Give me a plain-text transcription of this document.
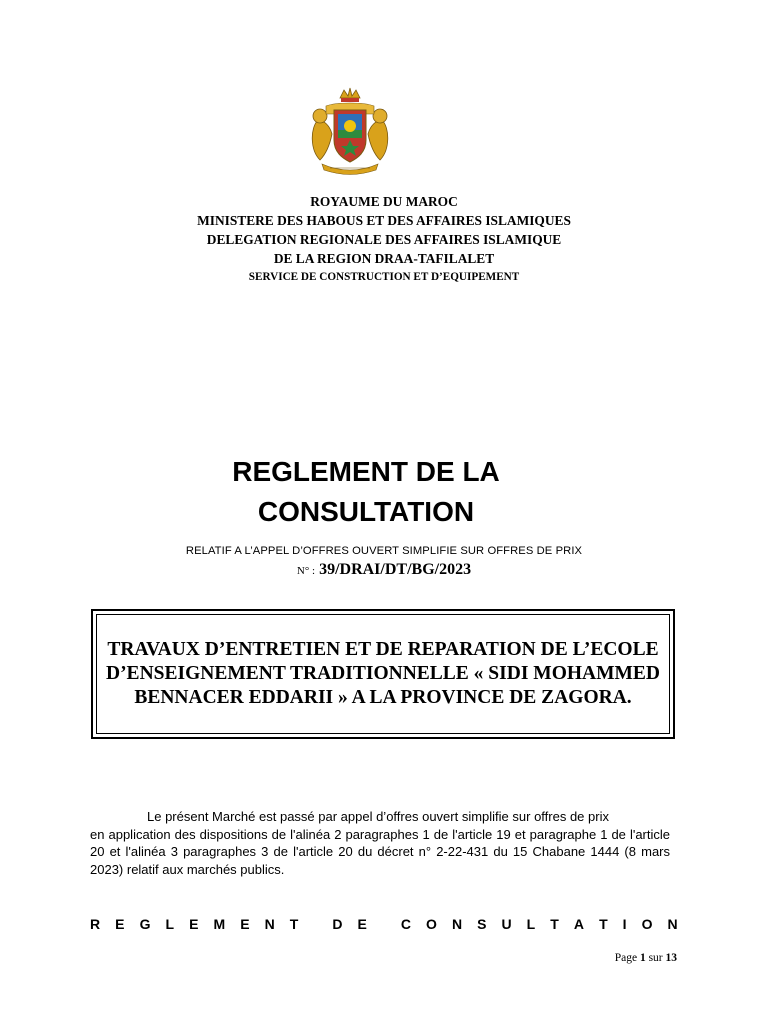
ROYAUME DU MAROC
MINISTERE DES HABOUS ET DES AFFAIRES ISLAMIQUES
DELEGATION REGIONALE DES AFFAIRES ISLAMIQUE
DE LA REGION DRAA-TAFILALET
SERVICE DE CONSTRUCTION ET D’EQUIPEMENT
REGLEMENT DE LA
CONSULTATION
RELATIF A L’APPEL D’OFFRES OUVERT SIMPLIFIE SUR OFFRES DE PRIX
N° : 39/DRAI/DT/BG/2023
TRAVAUX D’ENTRETIEN ET DE REPARATION DE L’ECOLE D’ENSEIGNEMENT TRADITIONNELLE « SIDI MOHAMMED BENNACER EDDARII » A LA PROVINCE DE ZAGORA.
Le présent Marché est passé par appel d’offres ouvert simplifie sur offres de prix
en application des dispositions de l'alinéa 2 paragraphes 1 de l'article 19 et paragraphe 1 de l'article 20 et l'alinéa 3 paragraphes 3 de l'article 20 du décret n° 2-22-431 du 15 Chabane 1444 (8 mars 2023) relatif aux marchés publics.
R E G L E M E N T
D E
C O N S U L T A T I O N
Page 1 sur 13
